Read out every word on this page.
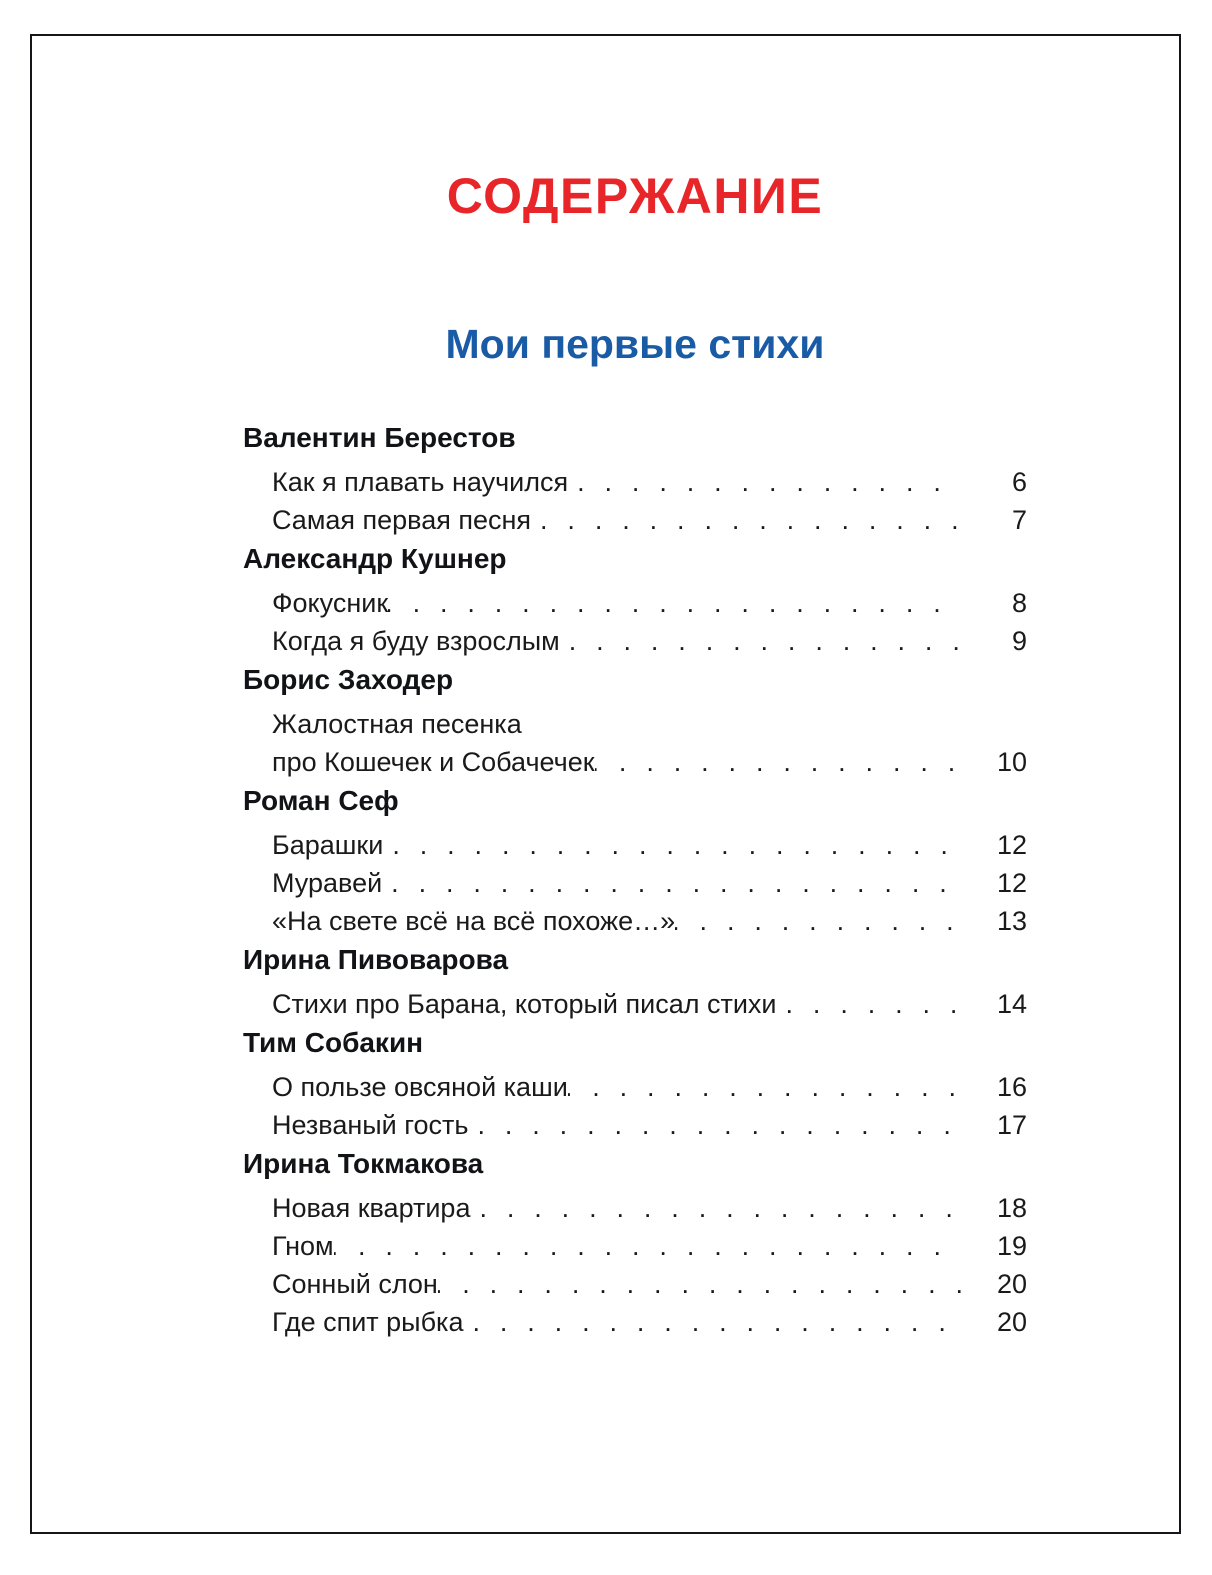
СОДЕРЖАНИЕ
Мои первые стихи
Валентин Берестов
Как я плавать научился . . .	6
Самая первая песня . . .	7
Александр Кушнер
Фокусник . . .	8
Когда я буду взрослым . . .	9
Борис Заходер
Жалостная песенка
про Кошечек и Собачечек . . .	10
Роман Сеф
Барашки . . .	12
Муравей . . .	12
«На свете всё на всё похоже…» . . .	13
Ирина Пивоварова
Стихи про Барана, который писал стихи . . .	14
Тим Собакин
О пользе овсяной каши . . .	16
Незваный гость . . .	17
Ирина Токмакова
Новая квартира . . .	18
Гном . . .	19
Сонный слон . . .	20
Где спит рыбка . . .	20
